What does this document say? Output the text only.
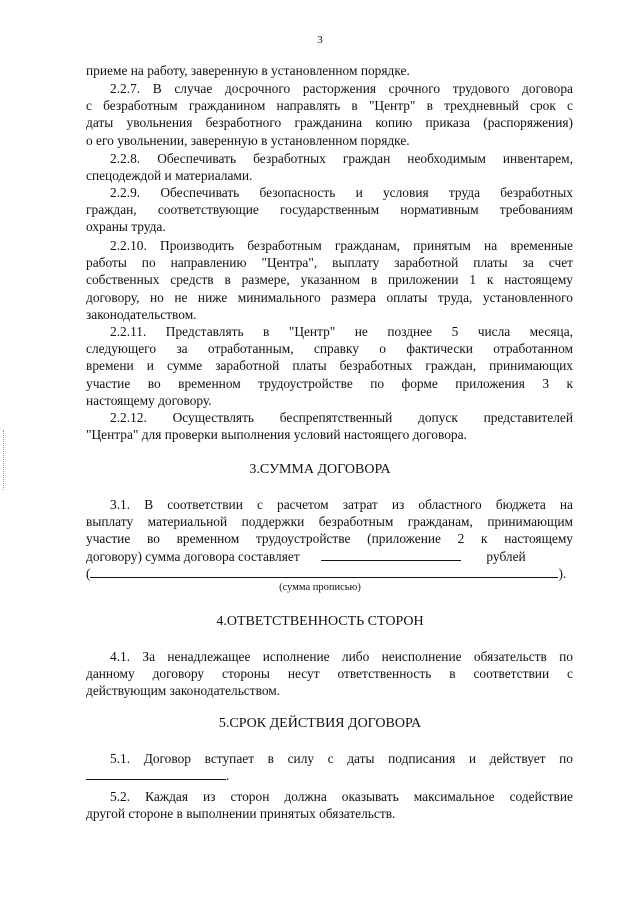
3
приеме на работу, заверенную в установленном порядке.
2.2.7. В случае досрочного расторжения срочного трудового договора
с безработным гражданином направлять в "Центр" в трехдневный срок с
даты увольнения безработного гражданина копию приказа (распоряжения)
о его увольнении, заверенную в установленном порядке.
2.2.8. Обеспечивать безработных граждан необходимым инвентарем,
спецодеждой и материалами.
2.2.9. Обеспечивать безопасность и условия труда безработных
граждан, соответствующие государственным нормативным требованиям
охраны труда.
2.2.10. Производить безработным гражданам, принятым на временные
работы по направлению "Центра", выплату заработной платы за счет
собственных средств в размере, указанном в приложении 1 к настоящему
договору, но не ниже минимального размера оплаты труда, установленного
законодательством.
2.2.11. Представлять в "Центр" не позднее 5 числа месяца,
следующего за отработанным, справку о фактически отработанном
времени и сумме заработной платы безработных граждан, принимающих
участие во временном трудоустройстве по форме приложения 3 к
настоящему договору.
2.2.12. Осуществлять беспрепятственный допуск представителей
"Центра" для проверки выполнения условий настоящего договора.
3.СУММА ДОГОВОРА
3.1. В соответствии с расчетом затрат из областного бюджета на
выплату материальной поддержки безработным гражданам, принимающим
участие во временном трудоустройстве (приложение 2 к настоящему
договору) сумма договора составляет	рублей
(	).
(сумма прописью)
4.ОТВЕТСТВЕННОСТЬ СТОРОН
4.1. За ненадлежащее исполнение либо неисполнение обязательств по
данному договору стороны несут ответственность в соответствии с
действующим законодательством.
5.СРОК ДЕЙСТВИЯ ДОГОВОРА
5.1. Договор вступает в силу с даты подписания и действует по
.
5.2. Каждая из сторон должна оказывать максимальное содействие
другой стороне в выполнении принятых обязательств.
